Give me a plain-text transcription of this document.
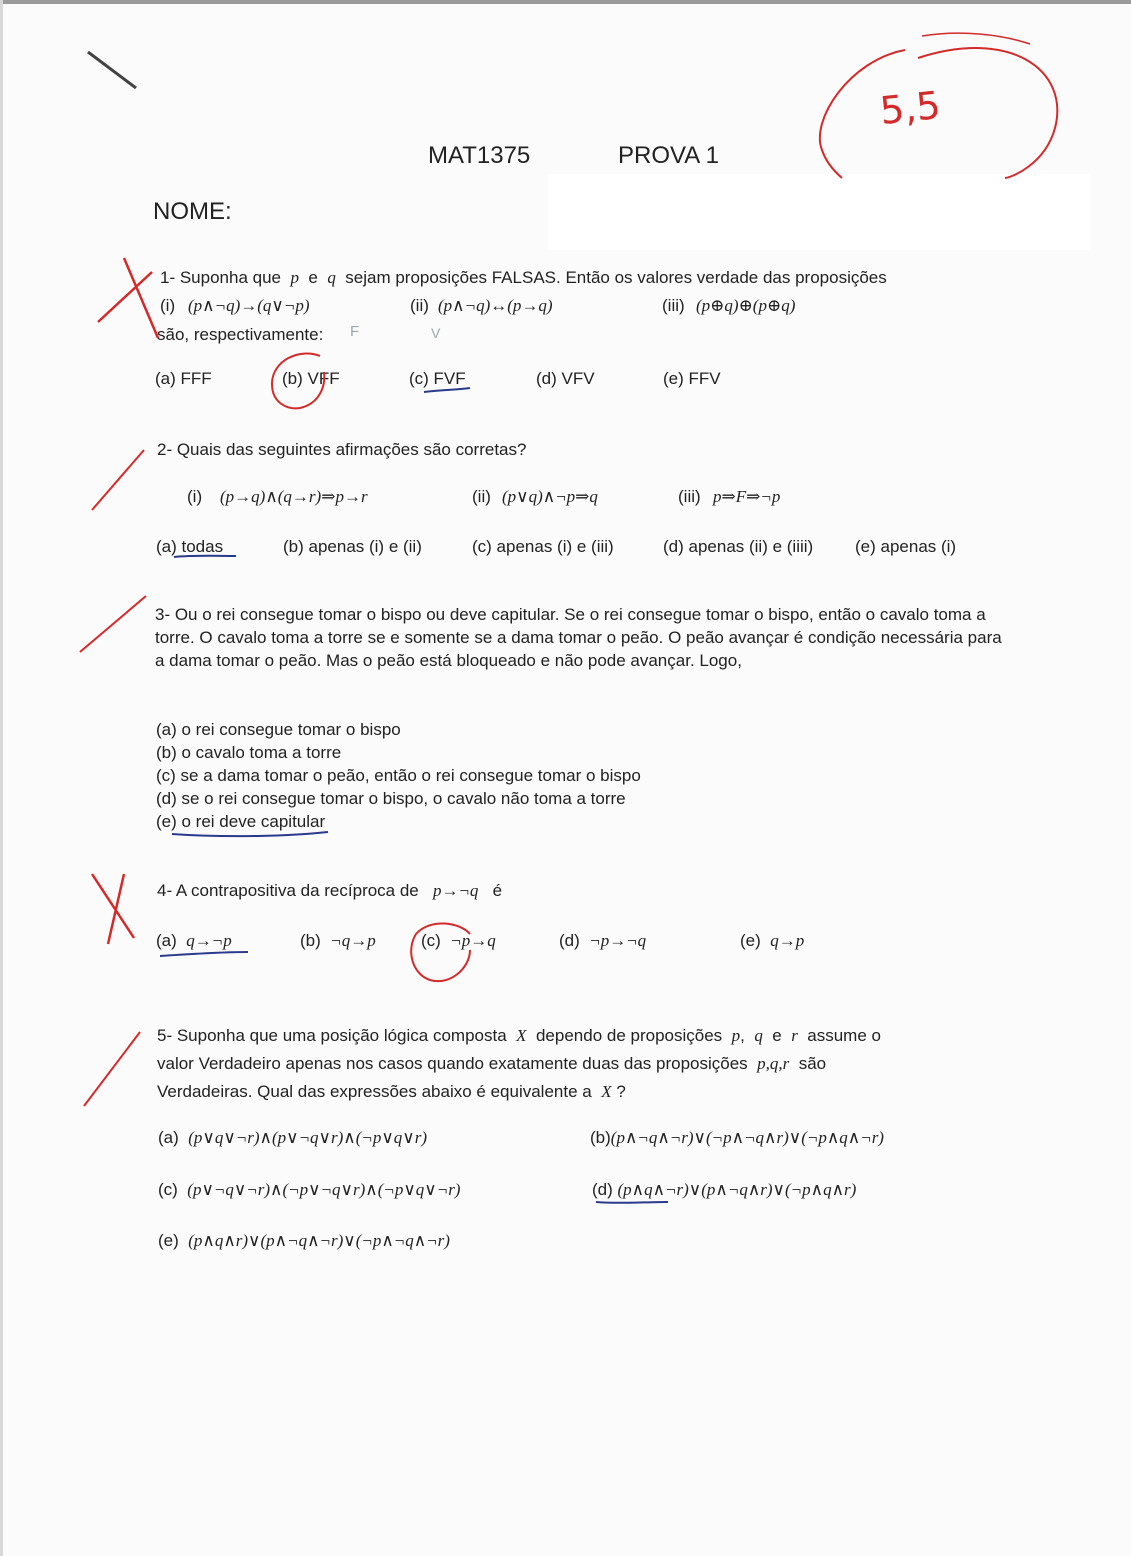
MAT1375	PROVA 1
NOME:
5,5
1- Suponha que p e q sejam proposições FALSAS. Então os valores verdade das proposições
(i) (p∧¬q)→(q∨¬p)	(ii) (p∧¬q)↔(p→q)	(iii) (p⊕q)⊕(p⊕q)
são, respectivamente: F	V
(a) FFF	(b) VFF	(c) FVF	(d) VFV	(e) FFV
2- Quais das seguintes afirmações são corretas?
(i) (p→q)∧(q→r)⇒p→r	(ii) (p∨q)∧¬p⇒q	(iii) p⇒F⇒¬p
(a) todas	(b) apenas (i) e (ii)	(c) apenas (i) e (iii)	(d) apenas (ii) e (iiii) (e) apenas (i)
3- Ou o rei consegue tomar o bispo ou deve capitular. Se o rei consegue tomar o bispo, então o cavalo toma a torre. O cavalo toma a torre se e somente se a dama tomar o peão. O peão avançar é condição necessária para a dama tomar o peão. Mas o peão está bloqueado e não pode avançar. Logo,
(a) o rei consegue tomar o bispo
(b) o cavalo toma a torre
(c) se a dama tomar o peão, então o rei consegue tomar o bispo
(d) se o rei consegue tomar o bispo, o cavalo não toma a torre
(e) o rei deve capitular
4- A contrapositiva da recíproca de p→¬q é
(a) q→¬p	(b) ¬q→p	(c) ¬p→q	(d) ¬p→¬q	(e) q→p
5- Suponha que uma posição lógica composta X dependo de proposições p, q e r assume o
valor Verdadeiro apenas nos casos quando exatamente duas das proposições p,q,r são
Verdadeiras. Qual das expressões abaixo é equivalente a X ?
(a) (p∨q∨¬r)∧(p∨¬q∨r)∧(¬p∨q∨r)	(b)(p∧¬q∧¬r)∨(¬p∧¬q∧r)∨(¬p∧q∧¬r)
(c) (p∨¬q∨¬r)∧(¬p∨¬q∨r)∧(¬p∨q∨¬r)	(d) (p∧q∧¬r)∨(p∧¬q∧r)∨(¬p∧q∧r)
(e) (p∧q∧r)∨(p∧¬q∧¬r)∨(¬p∧¬q∧¬r)
